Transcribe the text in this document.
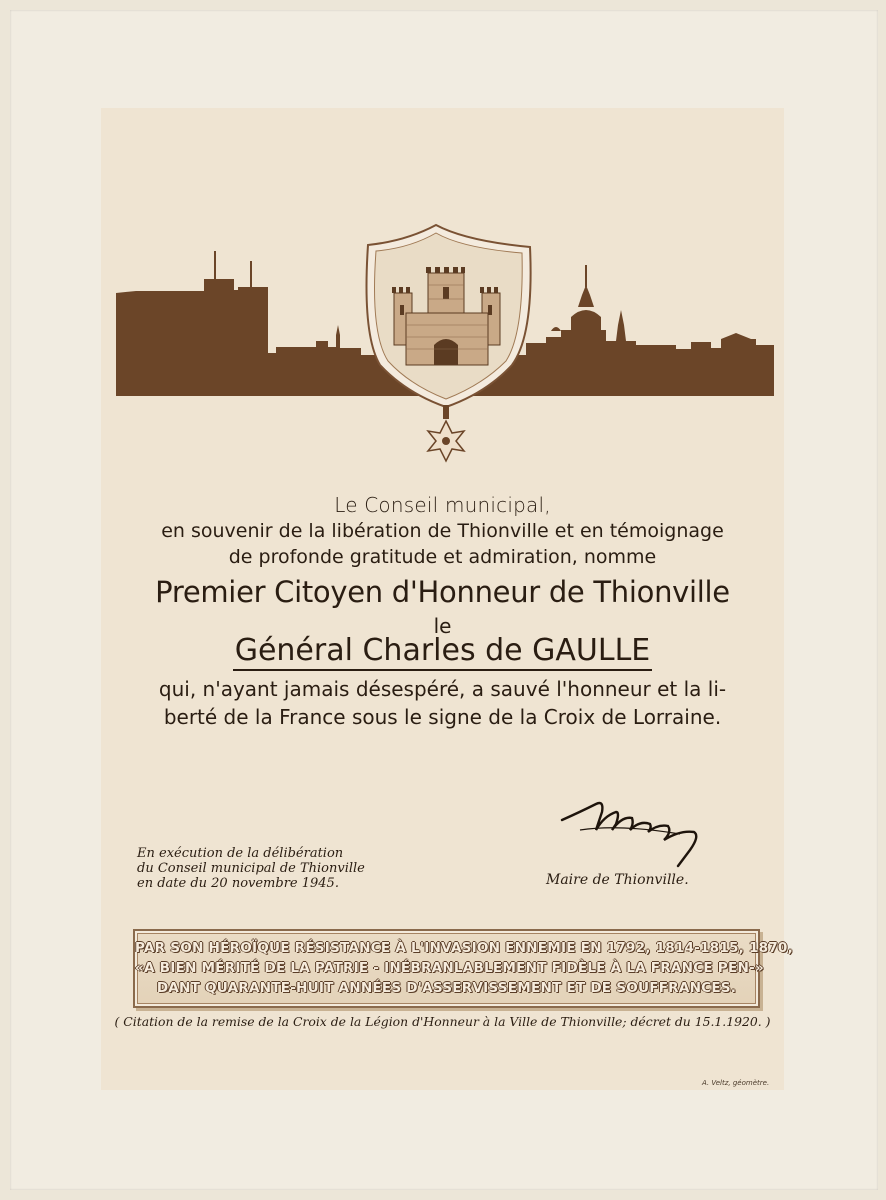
Le Conseil municipal,
en souvenir de la libération de Thionville et en témoignage
de profonde gratitude et admiration, nomme
Premier Citoyen d'Honneur de Thionville
le
Général Charles de GAULLE
qui, n'ayant jamais désespéré, a sauvé l'honneur et la li-
berté de la France sous le signe de la Croix de Lorraine.
En exécution de la délibération
du Conseil municipal de Thionville
en date du 20 novembre 1945.	Maire de Thionville.
PAR SON HÉROÏQUE RÉSISTANCE À L'INVASION ENNEMIE EN 1792, 1814-1815, 1870,
«A BIEN MÉRITÉ DE LA PATRIE - INÉBRANLABLEMENT FIDÈLE À LA FRANCE PEN-»
DANT QUARANTE-HUIT ANNÉES D'ASSERVISSEMENT ET DE SOUFFRANCES.
( Citation de la remise de la Croix de la Légion d'Honneur à la Ville de Thionville; décret du 15.1.1920. )
A. Veltz, géomètre.
